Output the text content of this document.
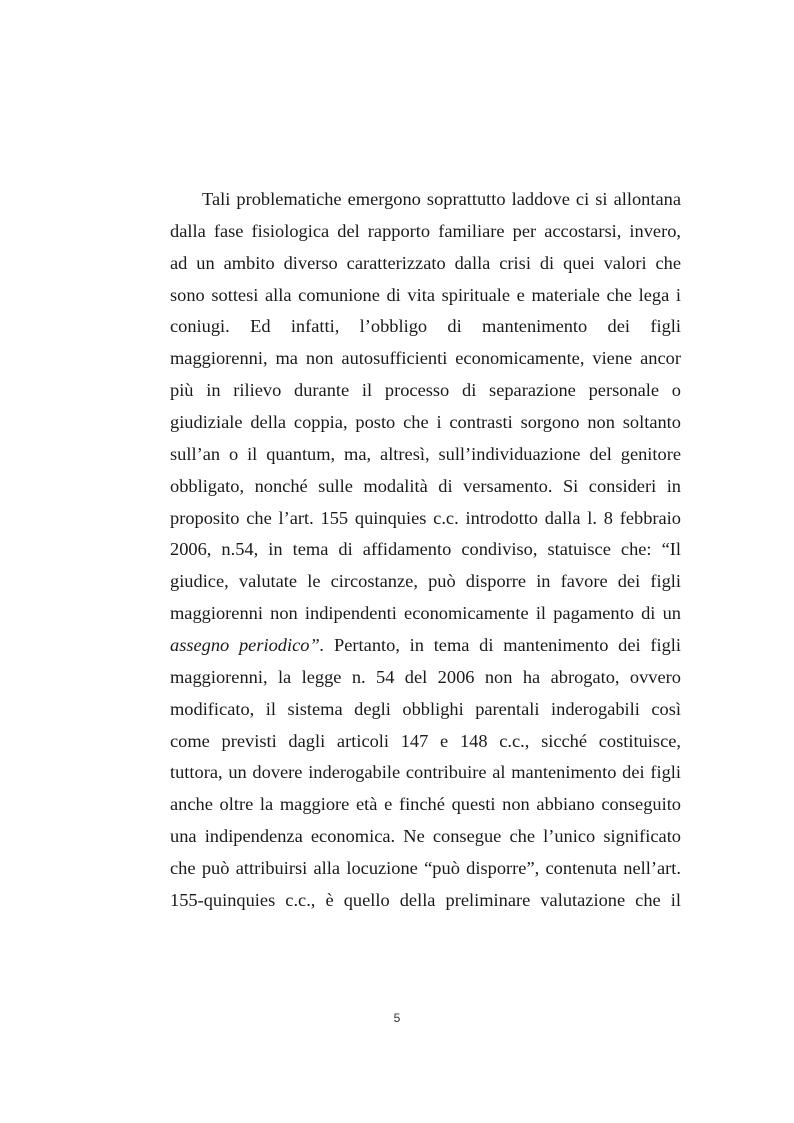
Tali problematiche emergono soprattutto laddove ci si allontana
dalla fase fisiologica del rapporto familiare per accostarsi, invero,
ad un ambito diverso caratterizzato dalla crisi di quei valori che
sono sottesi alla comunione di vita spirituale e materiale che lega i
coniugi. Ed infatti, l’obbligo di mantenimento dei figli
maggiorenni, ma non autosufficienti economicamente, viene ancor
più in rilievo durante il processo di separazione personale o
giudiziale della coppia, posto che i contrasti sorgono non soltanto
sull’an o il quantum, ma, altresì, sull’individuazione del genitore
obbligato, nonché sulle modalità di versamento. Si consideri in
proposito che l’art. 155 quinquies c.c. introdotto dalla l. 8 febbraio
2006, n.54, in tema di affidamento condiviso, statuisce che: “Il
giudice, valutate le circostanze, può disporre in favore dei figli
maggiorenni non indipendenti economicamente il pagamento di un
assegno periodico”. Pertanto, in tema di mantenimento dei figli
maggiorenni, la legge n. 54 del 2006 non ha abrogato, ovvero
modificato, il sistema degli obblighi parentali inderogabili così
come previsti dagli articoli 147 e 148 c.c., sicché costituisce,
tuttora, un dovere inderogabile contribuire al mantenimento dei figli
anche oltre la maggiore età e finché questi non abbiano conseguito
una indipendenza economica. Ne consegue che l’unico significato
che può attribuirsi alla locuzione “può disporre”, contenuta nell’art.
155-quinquies c.c., è quello della preliminare valutazione che il
5
